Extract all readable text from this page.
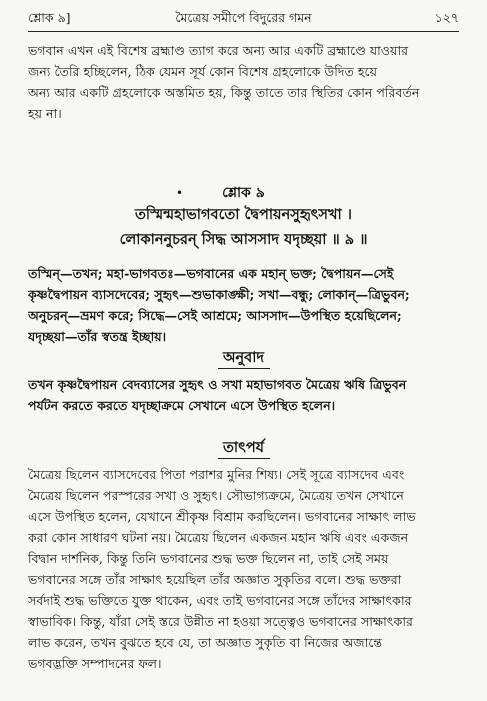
শ্লোক ৯]	মৈত্রেয় সমীপে বিদুরের গমন	১২৭
ভগবান এখন এই বিশেষ ব্রহ্মাণ্ড ত্যাগ করে অন্য আর একটি ব্রহ্মাণ্ডে যাওয়ার
জন্য তৈরি হচ্ছিলেন, ঠিক যেমন সূর্য কোন বিশেষ গ্রহলোকে উদিত হয়ে
অন্য আর একটি গ্রহলোকে অস্তমিত হয়, কিন্তু তাতে তার স্থিতির কোন পরিবর্তন
হয় না।
•	শ্লোক ৯
তস্মিন্মহাভাগবতো দ্বৈপায়নসুহৃৎসখা ।
লোকাননুচরন্ সিদ্ধ আসসাদ যদৃচ্ছয়া ॥ ৯ ॥
তস্মিন্—তখন; মহা-ভাগবতঃ—ভগবানের এক মহান্ ভক্ত; দ্বৈপায়ন—সেই
কৃষ্ণদ্বৈপায়ন ব্যাসদেবের; সুহৃৎ—শুভাকাঙ্ক্ষী; সখা—বন্ধু; লোকান্—ত্রিভুবন;
অনুচরন্—ভ্রমণ করে; সিদ্ধে—সেই আশ্রমে; আসসাদ—উপস্থিত হয়েছিলেন;
যদৃচ্ছয়া—তাঁর স্বতন্ত্র ইচ্ছায়।
অনুবাদ
তখন কৃষ্ণদ্বৈপায়ন বেদব্যাসের সুহৃৎ ও সখা মহাভাগবত মৈত্রেয় ঋষি ত্রিভুবন
পর্যটন করতে করতে যদৃচ্ছাক্রমে সেখানে এসে উপস্থিত হলেন।
তাৎপর্য
মৈত্রেয় ছিলেন ব্যাসদেবের পিতা পরাশর মুনির শিষ্য। সেই সূত্রে ব্যাসদেব এবং
মৈত্রেয় ছিলেন পরস্পরের সখা ও সুহৃৎ। সৌভাগ্যক্রমে, মৈত্রেয় তখন সেখানে
এসে উপস্থিত হলেন, যেখানে শ্রীকৃষ্ণ বিশ্রাম করছিলেন। ভগবানের সাক্ষাৎ লাভ
করা কোন সাধারণ ঘটনা নয়। মৈত্রেয় ছিলেন একজন মহান ঋষি এবং একজন
বিদ্বান দার্শনিক, কিন্তু তিনি ভগবানের শুদ্ধ ভক্ত ছিলেন না, তাই সেই সময়
ভগবানের সঙ্গে তাঁর সাক্ষাৎ হয়েছিল তাঁর অজ্ঞাত সুকৃতির বলে। শুদ্ধ ভক্তরা
সর্বদাই শুদ্ধ ভক্তিতে যুক্ত থাকেন, এবং তাই ভগবানের সঙ্গে তাঁদের সাক্ষাৎকার
স্বাভাবিক। কিন্তু, যাঁরা সেই স্তরে উন্নীত না হওয়া সত্ত্বেও ভগবানের সাক্ষাৎকার
লাভ করেন, তখন বুঝতে হবে যে, তা অজ্ঞাত সুকৃতি বা নিজের অজান্তে
ভগবদ্ভক্তি সম্পাদনের ফল।
